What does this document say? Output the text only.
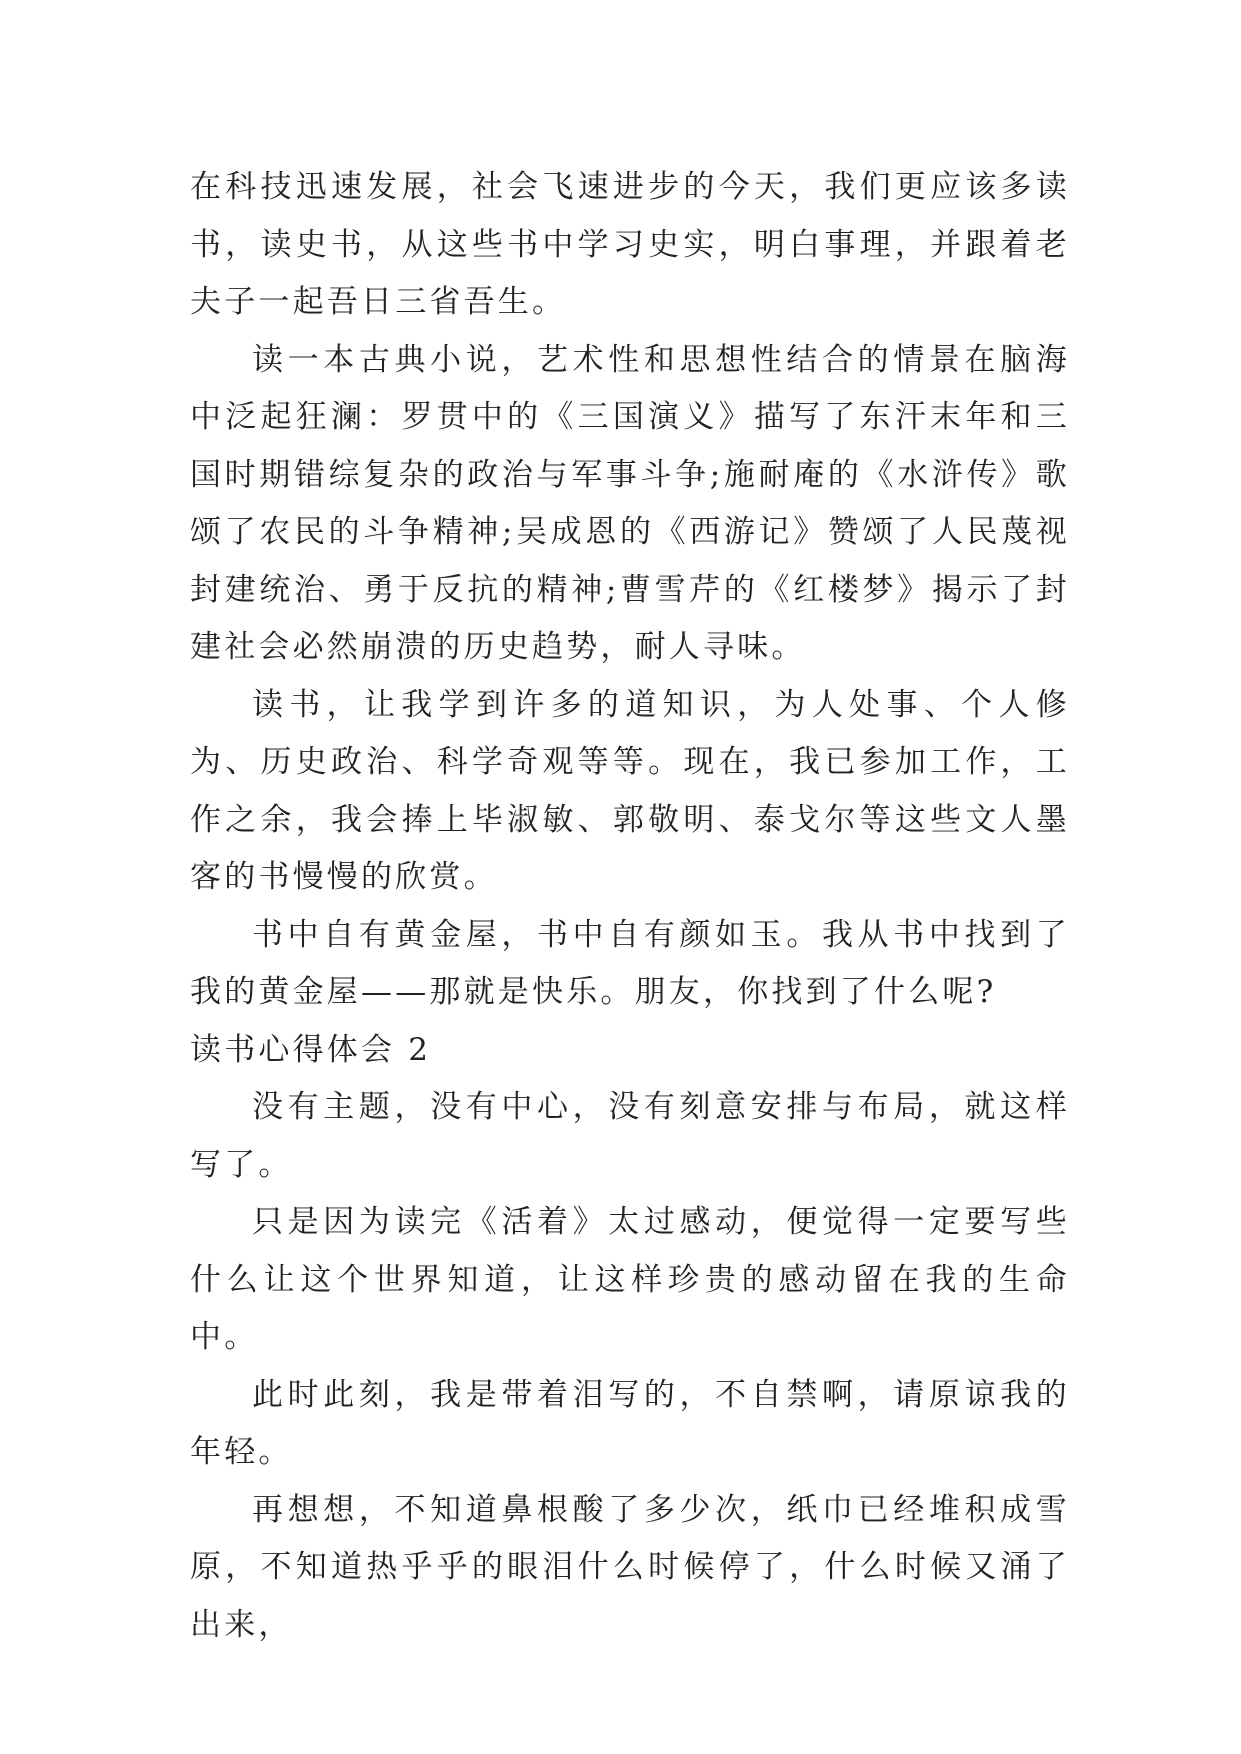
在科技迅速发展，社会飞速进步的今天，我们更应该多读书，读史书，从这些书中学习史实，明白事理，并跟着老夫子一起吾日三省吾生。

读一本古典小说，艺术性和思想性结合的情景在脑海中泛起狂澜：罗贯中的《三国演义》描写了东汗末年和三国时期错综复杂的政治与军事斗争;施耐庵的《水浒传》歌颂了农民的斗争精神;吴成恩的《西游记》赞颂了人民蔑视封建统治、勇于反抗的精神;曹雪芹的《红楼梦》揭示了封建社会必然崩溃的历史趋势，耐人寻味。

读书，让我学到许多的道知识，为人处事、个人修为、历史政治、科学奇观等等。现在，我已参加工作，工作之余，我会捧上毕淑敏、郭敬明、泰戈尔等这些文人墨客的书慢慢的欣赏。

书中自有黄金屋，书中自有颜如玉。我从书中找到了我的黄金屋——那就是快乐。朋友，你找到了什么呢?

读书心得体会 2

没有主题，没有中心，没有刻意安排与布局，就这样写了。

只是因为读完《活着》太过感动，便觉得一定要写些什么让这个世界知道，让这样珍贵的感动留在我的生命中。

此时此刻，我是带着泪写的，不自禁啊，请原谅我的年轻。

再想想，不知道鼻根酸了多少次，纸巾已经堆积成雪原，不知道热乎乎的眼泪什么时候停了，什么时候又涌了出来，
